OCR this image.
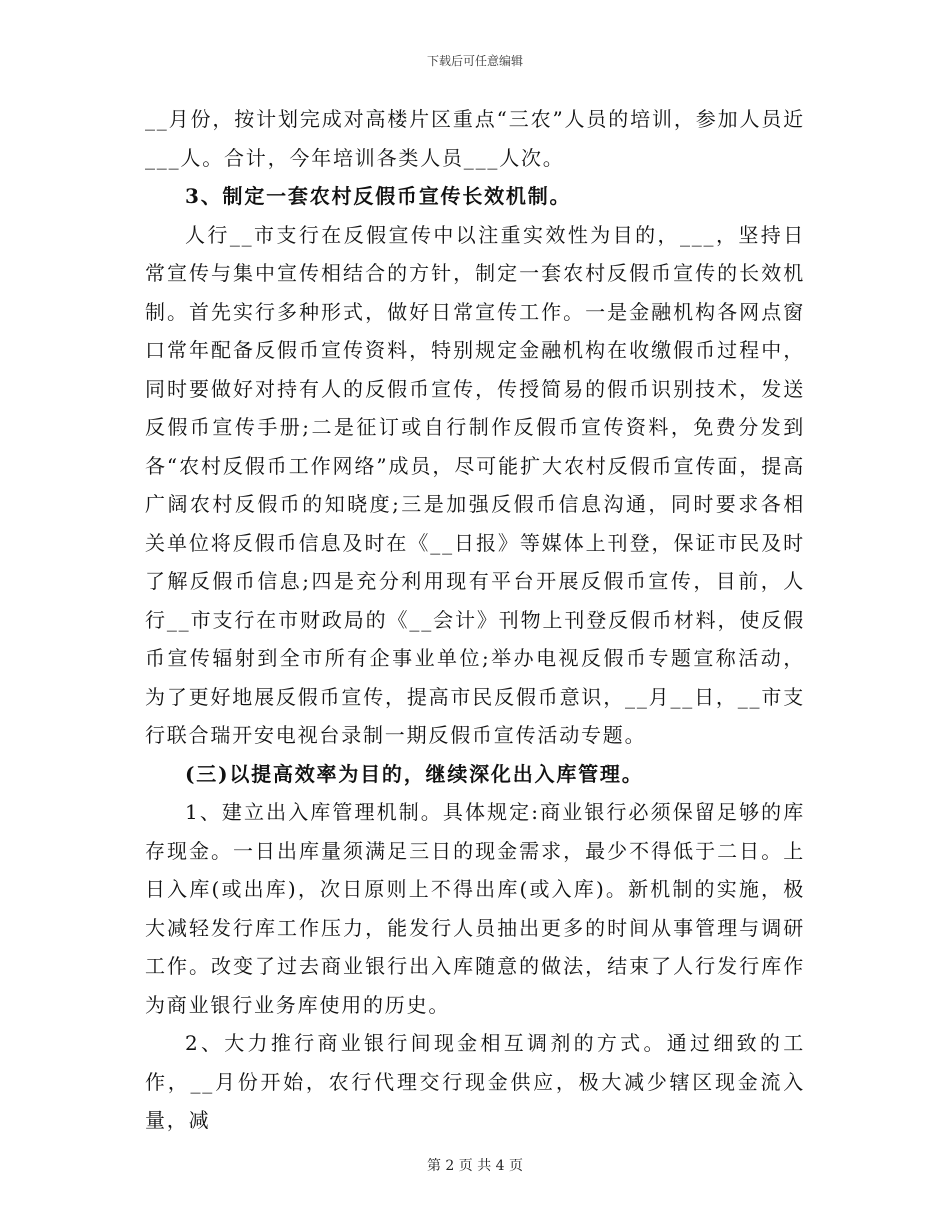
下载后可任意编辑

__月份，按计划完成对高楼片区重点“三农”人员的培训，参加人员近___人。合计，今年培训各类人员___人次。

3、制定一套农村反假币宣传长效机制。

人行__市支行在反假宣传中以注重实效性为目的，___，坚持日常宣传与集中宣传相结合的方针，制定一套农村反假币宣传的长效机制。首先实行多种形式，做好日常宣传工作。一是金融机构各网点窗口常年配备反假币宣传资料，特别规定金融机构在收缴假币过程中，同时要做好对持有人的反假币宣传，传授简易的假币识别技术，发送反假币宣传手册;二是征订或自行制作反假币宣传资料，免费分发到各“农村反假币工作网络”成员，尽可能扩大农村反假币宣传面，提高广阔农村反假币的知晓度;三是加强反假币信息沟通，同时要求各相关单位将反假币信息及时在《__日报》等媒体上刊登，保证市民及时了解反假币信息;四是充分利用现有平台开展反假币宣传，目前，人行__市支行在市财政局的《__会计》刊物上刊登反假币材料，使反假币宣传辐射到全市所有企事业单位;举办电视反假币专题宣称活动，为了更好地展反假币宣传，提高市民反假币意识，__月__日，__市支行联合瑞开安电视台录制一期反假币宣传活动专题。

(三)以提高效率为目的，继续深化出入库管理。

1、建立出入库管理机制。具体规定:商业银行必须保留足够的库存现金。一日出库量须满足三日的现金需求，最少不得低于二日。上日入库(或出库)，次日原则上不得出库(或入库)。新机制的实施，极大减轻发行库工作压力，能发行人员抽出更多的时间从事管理与调研工作。改变了过去商业银行出入库随意的做法，结束了人行发行库作为商业银行业务库使用的历史。

2、大力推行商业银行间现金相互调剂的方式。通过细致的工作，__月份开始，农行代理交行现金供应，极大减少辖区现金流入量，减

第 2 页 共 4 页
